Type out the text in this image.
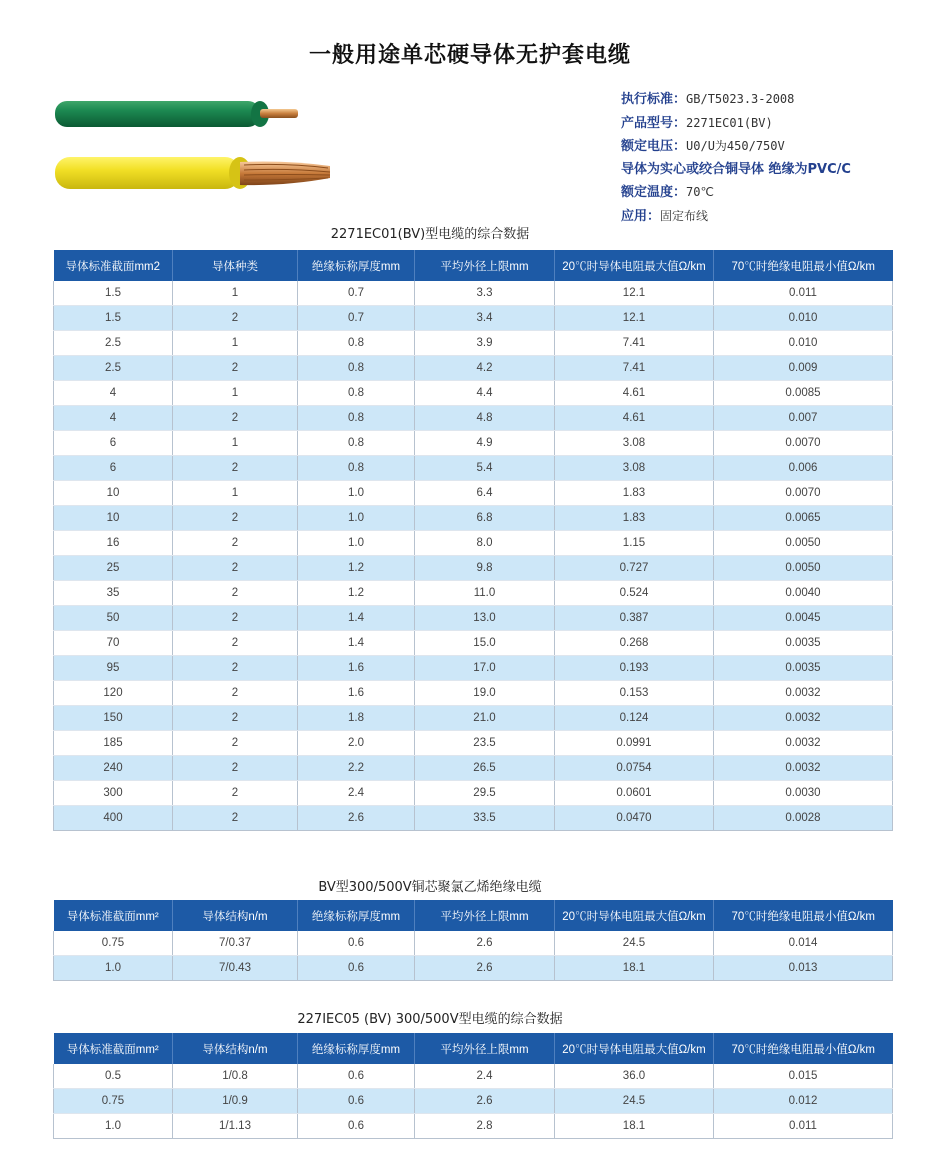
一般用途单芯硬导体无护套电缆
执行标准：GB/T5023.3-2008
产品型号：2271EC01(BV)
额定电压：U0/U为450/750V
导体为实心或绞合铜导体 绝缘为PVC/C
额定温度：70℃
应用：固定布线
2271EC01(BV)型电缆的综合数据
导体标准截面mm2	导体种类	绝缘标称厚度mm	平均外径上限mm	20℃时导体电阻最大值Ω/km	70℃时绝缘电阻最小值Ω/km
1.5	1	0.7	3.3	12.1	0.011
1.5	2	0.7	3.4	12.1	0.010
2.5	1	0.8	3.9	7.41	0.010
2.5	2	0.8	4.2	7.41	0.009
4	1	0.8	4.4	4.61	0.0085
4	2	0.8	4.8	4.61	0.007
6	1	0.8	4.9	3.08	0.0070
6	2	0.8	5.4	3.08	0.006
10	1	1.0	6.4	1.83	0.0070
10	2	1.0	6.8	1.83	0.0065
16	2	1.0	8.0	1.15	0.0050
25	2	1.2	9.8	0.727	0.0050
35	2	1.2	11.0	0.524	0.0040
50	2	1.4	13.0	0.387	0.0045
70	2	1.4	15.0	0.268	0.0035
95	2	1.6	17.0	0.193	0.0035
120	2	1.6	19.0	0.153	0.0032
150	2	1.8	21.0	0.124	0.0032
185	2	2.0	23.5	0.0991	0.0032
240	2	2.2	26.5	0.0754	0.0032
300	2	2.4	29.5	0.0601	0.0030
400	2	2.6	33.5	0.0470	0.0028
BV型300/500V铜芯聚氯乙烯绝缘电缆
导体标准截面mm²	导体结构n/m	绝缘标称厚度mm	平均外径上限mm	20℃时导体电阻最大值Ω/km	70℃时绝缘电阻最小值Ω/km
0.75	7/0.37	0.6	2.6	24.5	0.014
1.0	7/0.43	0.6	2.6	18.1	0.013
227IEC05 (BV) 300/500V型电缆的综合数据
导体标准截面mm²	导体结构n/m	绝缘标称厚度mm	平均外径上限mm	20℃时导体电阻最大值Ω/km	70℃时绝缘电阻最小值Ω/km
0.5	1/0.8	0.6	2.4	36.0	0.015
0.75	1/0.9	0.6	2.6	24.5	0.012
1.0	1/1.13	0.6	2.8	18.1	0.011
